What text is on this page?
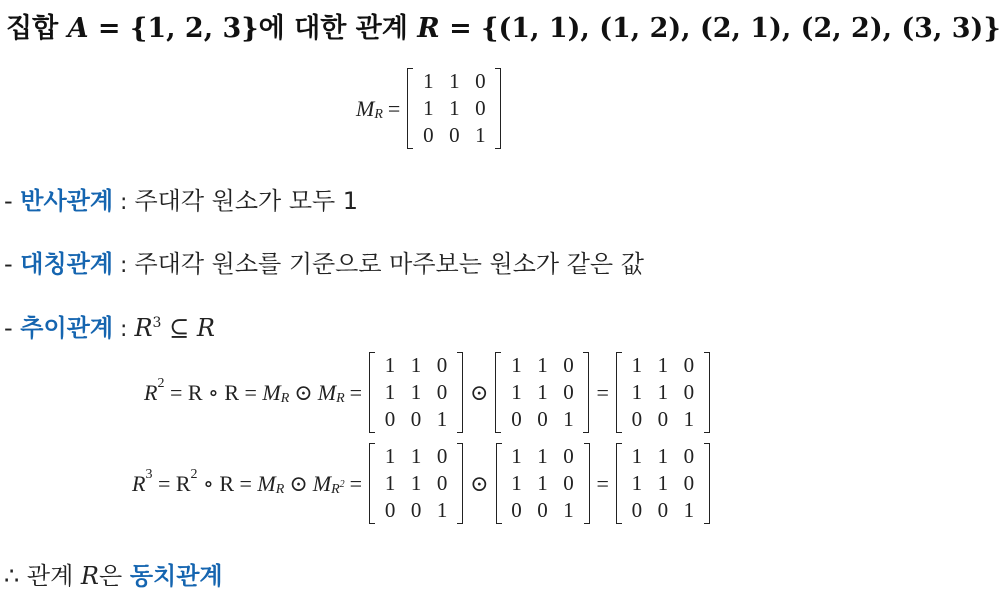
집합 A = {1, 2, 3}에 대한 관계 R = {(1, 1), (1, 2), (2, 1), (2, 2), (3, 3)}
M R =
1 1 0
1 1 0
0 0 1
- 반사관계 : 주대각 원소가 모두 1
- 대칭관계 : 주대각 원소를 기준으로 마주보는 원소가 같은 값
- 추이관계 : $R^3$ ⊆ R
R 2 = R ∘ R = M R ⊙ M R =
1 1 0
1 1 0
0 0 1
⊙
1 1 0
1 1 0
0 0 1
=
1 1 0
1 1 0
0 0 1
R 3 = R 2 ∘ R = M R ⊙ M $R^2$ =
1 1 0
1 1 0
0 0 1
⊙
1 1 0
1 1 0
0 0 1
=
1 1 0
1 1 0
0 0 1
∴ 관계 R은 동치관계
